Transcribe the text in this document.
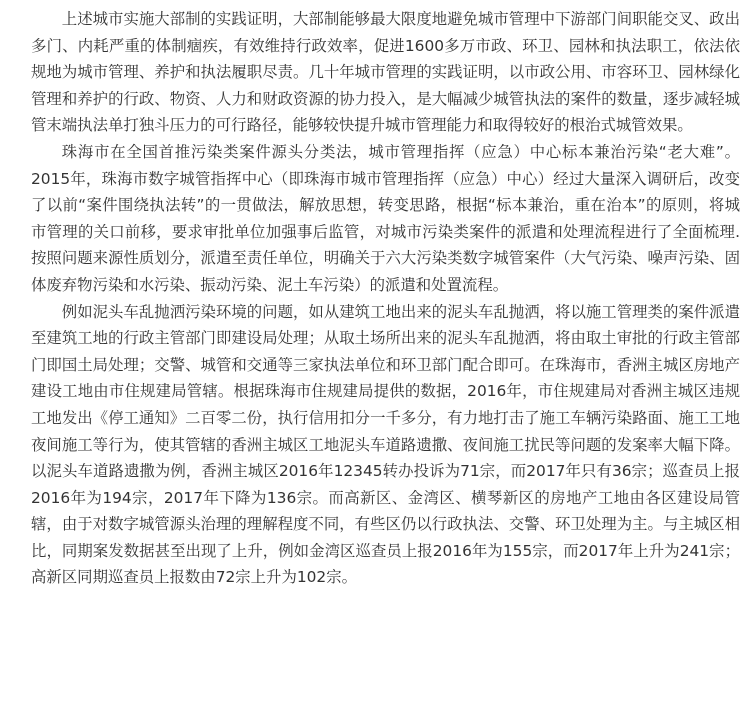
上述城市实施大部制的实践证明，大部制能够最大限度地避免城市管理中下游部门间职能交叉、政出多门、内耗严重的体制痼疾，有效维持行政效率，促进1600多万市政、环卫、园林和执法职工，依法依规地为城市管理、养护和执法履职尽责。几十年城市管理的实践证明，以市政公用、市容环卫、园林绿化管理和养护的行政、物资、人力和财政资源的协力投入，是大幅减少城管执法的案件的数量，逐步减轻城管末端执法单打独斗压力的可行路径，能够较快提升城市管理能力和取得较好的根治式城管效果。

珠海市在全国首推污染类案件源头分类法，城市管理指挥（应急）中心标本兼治污染“老大难”。2015年，珠海市数字城管指挥中心（即珠海市城市管理指挥（应急）中心）经过大量深入调研后，改变了以前“案件围绕执法转”的一贯做法，解放思想，转变思路，根据“标本兼治，重在治本”的原则，将城市管理的关口前移，要求审批单位加强事后监管，对城市污染类案件的派遣和处理流程进行了全面梳理.按照问题来源性质划分，派遣至责任单位，明确关于六大污染类数字城管案件（大气污染、噪声污染、固体废弃物污染和水污染、振动污染、泥土车污染）的派遣和处置流程。

例如泥头车乱抛洒污染环境的问题，如从建筑工地出来的泥头车乱抛洒，将以施工管理类的案件派遣至建筑工地的行政主管部门即建设局处理；从取土场所出来的泥头车乱抛洒，将由取土审批的行政主管部门即国土局处理；交警、城管和交通等三家执法单位和环卫部门配合即可。在珠海市，香洲主城区房地产建设工地由市住规建局管辖。根据珠海市住规建局提供的数据，2016年，市住规建局对香洲主城区违规工地发出《停工通知》二百零二份，执行信用扣分一千多分，有力地打击了施工车辆污染路面、施工工地夜间施工等行为，使其管辖的香洲主城区工地泥头车道路遗撒、夜间施工扰民等问题的发案率大幅下降。以泥头车道路遗撒为例，香洲主城区2016年12345转办投诉为71宗，而2017年只有36宗；巡查员上报2016年为194宗，2017年下降为136宗。而高新区、金湾区、横琴新区的房地产工地由各区建设局管辖，由于对数字城管源头治理的理解程度不同，有些区仍以行政执法、交警、环卫处理为主。与主城区相比，同期案发数据甚至出现了上升，例如金湾区巡查员上报2016年为155宗，而2017年上升为241宗；高新区同期巡查员上报数由72宗上升为102宗。
